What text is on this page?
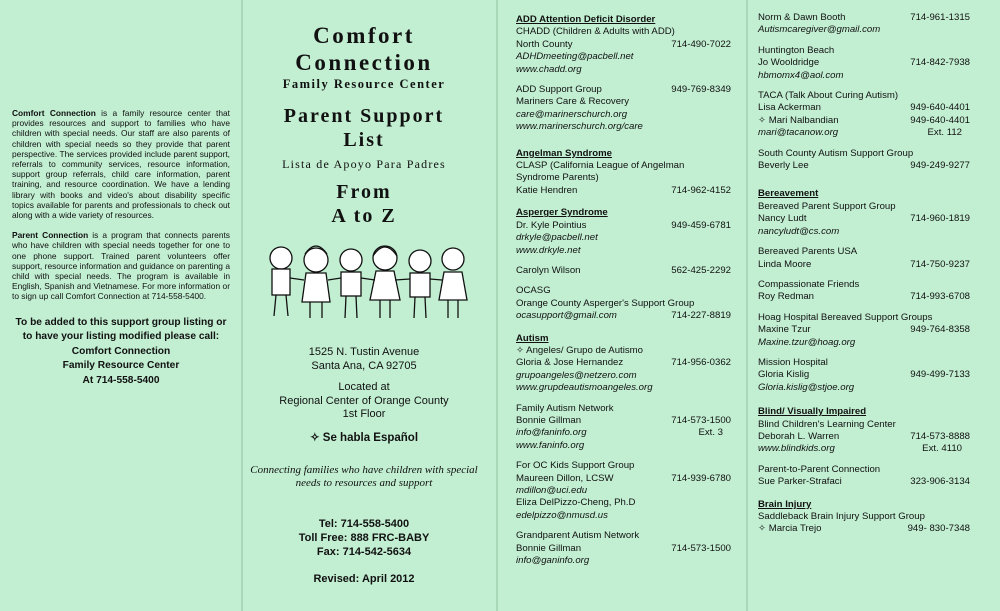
Comfort Connection is a family resource center that provides resources and support to families who have children with special needs. Our staff are also parents of children with special needs so they provide that parent perspective. The services provided include parent support, referrals to community services, resource information, support group referrals, child care information, parent training, and resource coordination. We have a lending library with books and video's about disability specific topics available for parents and professionals to check out along with a wide variety of resources.

Parent Connection is a program that connects parents who have children with special needs together for one to one phone support. Trained parent volunteers offer support, resource information and guidance on parenting a child with special needs. The program is available in English, Spanish and Vietnamese. For more information or to sign up call Comfort Connection at 714-558-5400.

To be added to this support group listing or to have your listing modified please call:
Comfort Connection
Family Resource Center
At 714-558-5400
Comfort
Connection
Family Resource Center
Parent Support
List
Lista de Apoyo Para Padres
From
A to Z
1525 N. Tustin Avenue
Santa Ana, CA 92705
Located at
Regional Center of Orange County
1st Floor
✧ Se habla Español
Connecting families who have children with special needs to resources and support
Tel: 714-558-5400
Toll Free: 888 FRC-BABY
Fax: 714-542-5634
Revised: April 2012
ADD Attention Deficit Disorder
CHADD (Children & Adults with ADD)
North County	714-490-7022
ADHDmeeting@pacbell.net
www.chadd.org
ADD Support Group	949-769-8349
Mariners Care & Recovery
care@marinerschurch.org
www.marinerschurch.org/care
Angelman Syndrome
CLASP (California League of Angelman
Syndrome Parents)
Katie Hendren	714-962-4152
Asperger Syndrome
Dr. Kyle Pointius	949-459-6781
drkyle@pacbell.net
www.drkyle.net
Carolyn Wilson	562-425-2292
OCASG
Orange County Asperger's Support Group
ocasupport@gmail.com	714-227-8819
Autism
✧ Angeles/ Grupo de Autismo
Gloria & Jose Hernandez	714-956-0362
grupoangeles@netzero.com
www.grupdeautismoangeles.org
Family Autism Network
Bonnie Gillman	714-573-1500
info@faninfo.org	Ext. 3
www.faninfo.org
For OC Kids Support Group
Maureen Dillon, LCSW	714-939-6780
mdillon@uci.edu
Eliza DelPizzo-Cheng, Ph.D
edelpizzo@nmusd.us
Grandparent Autism Network
Bonnie Gillman	714-573-1500
info@ganinfo.org
Norm & Dawn Booth	714-961-1315
Autismcaregiver@gmail.com
Huntington Beach
Jo Wooldridge	714-842-7938
hbmomx4@aol.com
TACA (Talk About Curing Autism)
Lisa Ackerman	949-640-4401
✧ Mari Nalbandian	949-640-4401
mari@tacanow.org	Ext. 112
South County Autism Support Group
Beverly Lee	949-249-9277
Bereavement
Bereaved Parent Support Group
Nancy Ludt	714-960-1819
nancyludt@cs.com
Bereaved Parents USA
Linda Moore	714-750-9237
Compassionate Friends
Roy Redman	714-993-6708
Hoag Hospital Bereaved Support Groups
Maxine Tzur	949-764-8358
Maxine.tzur@hoag.org
Mission Hospital
Gloria Kislig	949-499-7133
Gloria.kislig@stjoe.org
Blind/ Visually Impaired
Blind Children's Learning Center
Deborah L. Warren	714-573-8888
www.blindkids.org	Ext. 4110
Parent-to-Parent Connection
Sue Parker-Strafaci	323-906-3134
Brain Injury
Saddleback Brain Injury Support Group
✧ Marcia Trejo	949- 830-7348
